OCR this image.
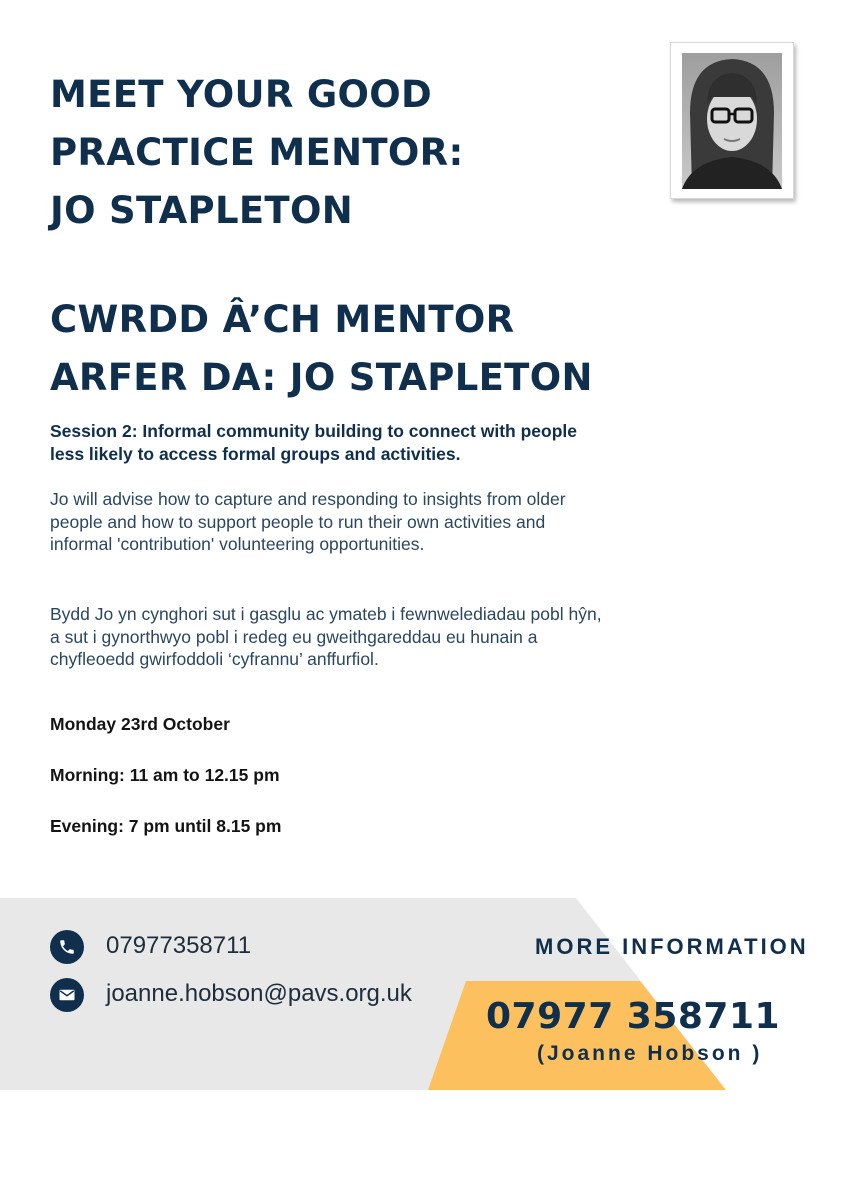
MEET YOUR GOOD
PRACTICE MENTOR:
JO STAPLETON
CWRDD Â’CH MENTOR
ARFER DA: JO STAPLETON
Session 2: Informal community building to connect with people less likely to access formal groups and activities.
Jo will advise how to capture and responding to insights from older people and how to support people to run their own activities and informal 'contribution' volunteering opportunities.
Bydd Jo yn cynghori sut i gasglu ac ymateb i fewnwelediadau pobl hŷn, a sut i gynorthwyo pobl i redeg eu gweithgareddau eu hunain a chyfleoedd gwirfoddoli ‘cyfrannu’ anffurfiol.
Monday 23rd October
Morning: 11 am to 12.15 pm
Evening: 7 pm until 8.15 pm
07977358711
joanne.hobson@pavs.org.uk
MORE INFORMATION
07977 358711
(Joanne Hobson )
